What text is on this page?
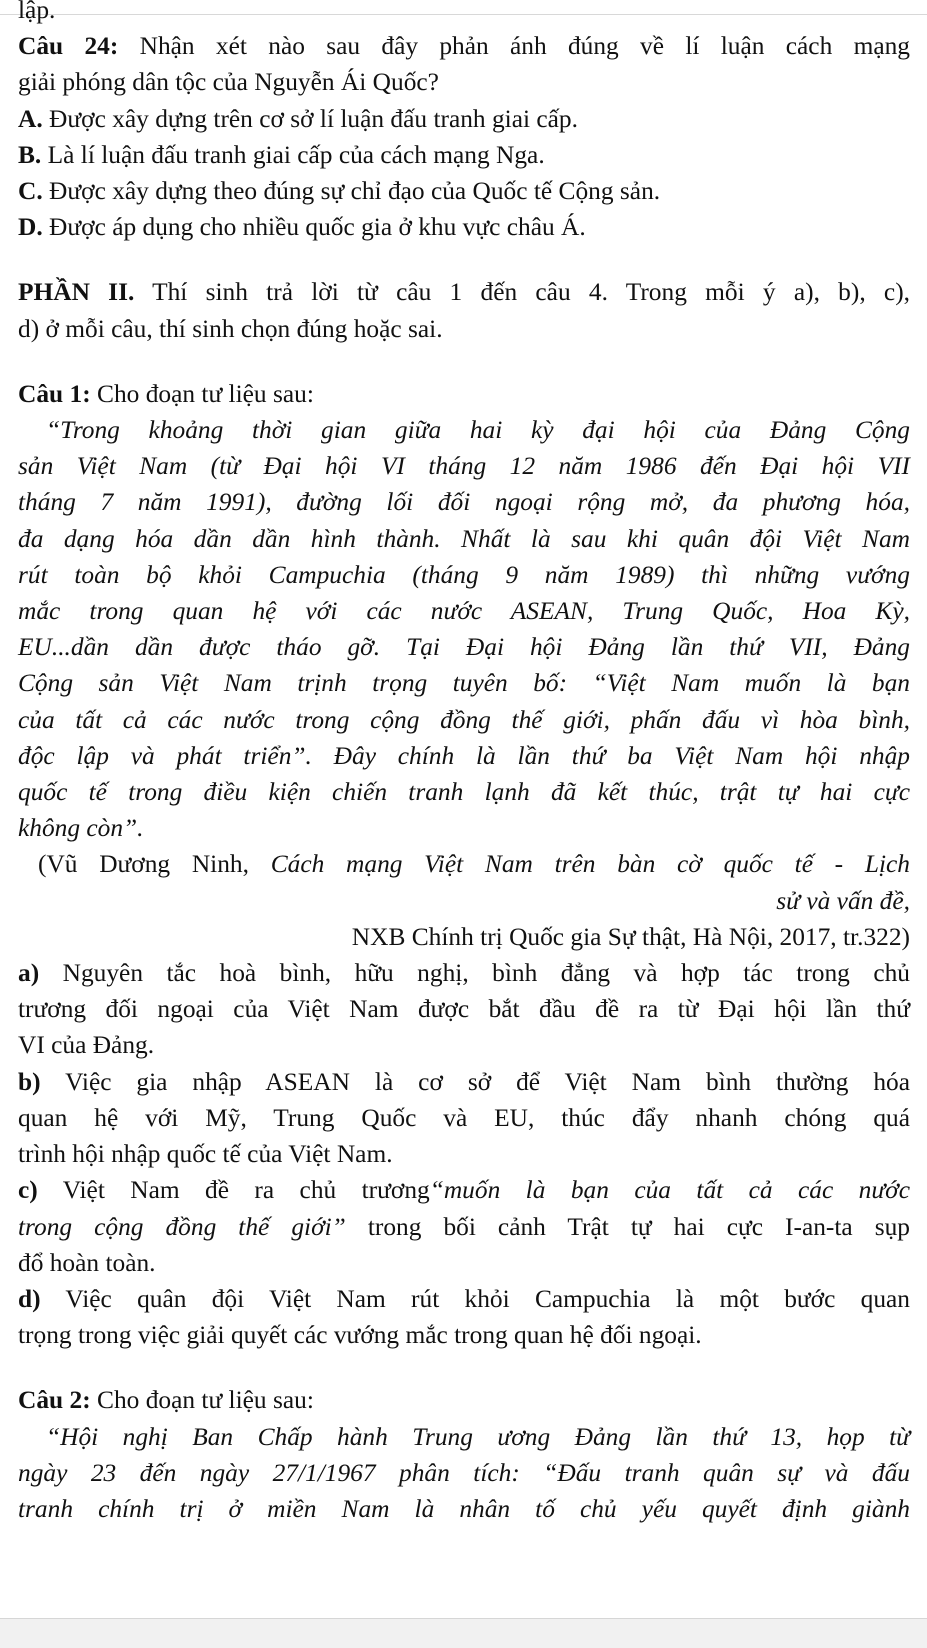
lập.

Câu 24: Nhận xét nào sau đây phản ánh đúng về lí luận cách mạng

giải phóng dân tộc của Nguyễn Ái Quốc?

A. Được xây dựng trên cơ sở lí luận đấu tranh giai cấp.

B. Là lí luận đấu tranh giai cấp của cách mạng Nga.

C. Được xây dựng theo đúng sự chỉ đạo của Quốc tế Cộng sản.

D. Được áp dụng cho nhiều quốc gia ở khu vực châu Á.

PHẦN II. Thí sinh trả lời từ câu 1 đến câu 4. Trong mỗi ý a), b), c),

d) ở mỗi câu, thí sinh chọn đúng hoặc sai.

Câu 1: Cho đoạn tư liệu sau:

“Trong khoảng thời gian giữa hai kỳ đại hội của Đảng Cộng

sản Việt Nam (từ Đại hội VI tháng 12 năm 1986 đến Đại hội VII

tháng 7 năm 1991), đường lối đối ngoại rộng mở, đa phương hóa,

đa dạng hóa dần dần hình thành. Nhất là sau khi quân đội Việt Nam

rút toàn bộ khỏi Campuchia (tháng 9 năm 1989) thì những vướng

mắc trong quan hệ với các nước ASEAN, Trung Quốc, Hoa Kỳ,

EU...dần dần được tháo gỡ. Tại Đại hội Đảng lần thứ VII, Đảng

Cộng sản Việt Nam trịnh trọng tuyên bố: “Việt Nam muốn là bạn

của tất cả các nước trong cộng đồng thế giới, phấn đấu vì hòa bình,

độc lập và phát triển”. Đây chính là lần thứ ba Việt Nam hội nhập

quốc tế trong điều kiện chiến tranh lạnh đã kết thúc, trật tự hai cực

không còn”.

(Vũ Dương Ninh, Cách mạng Việt Nam trên bàn cờ quốc tế - Lịch

sử và vấn đề,

NXB Chính trị Quốc gia Sự thật, Hà Nội, 2017, tr.322)

a) Nguyên tắc hoà bình, hữu nghị, bình đẳng và hợp tác trong chủ

trương đối ngoại của Việt Nam được bắt đầu đề ra từ Đại hội lần thứ

VI của Đảng.

b) Việc gia nhập ASEAN là cơ sở để Việt Nam bình thường hóa

quan hệ với Mỹ, Trung Quốc và EU, thúc đẩy nhanh chóng quá

trình hội nhập quốc tế của Việt Nam.

c) Việt Nam đề ra chủ trương“muốn là bạn của tất cả các nước

trong cộng đồng thế giới” trong bối cảnh Trật tự hai cực I-an-ta sụp

đổ hoàn toàn.

d) Việc quân đội Việt Nam rút khỏi Campuchia là một bước quan

trọng trong việc giải quyết các vướng mắc trong quan hệ đối ngoại.

Câu 2: Cho đoạn tư liệu sau:

“Hội nghị Ban Chấp hành Trung ương Đảng lần thứ 13, họp từ

ngày 23 đến ngày 27/1/1967 phân tích: “Đấu tranh quân sự và đấu

tranh chính trị ở miền Nam là nhân tố chủ yếu quyết định giành
